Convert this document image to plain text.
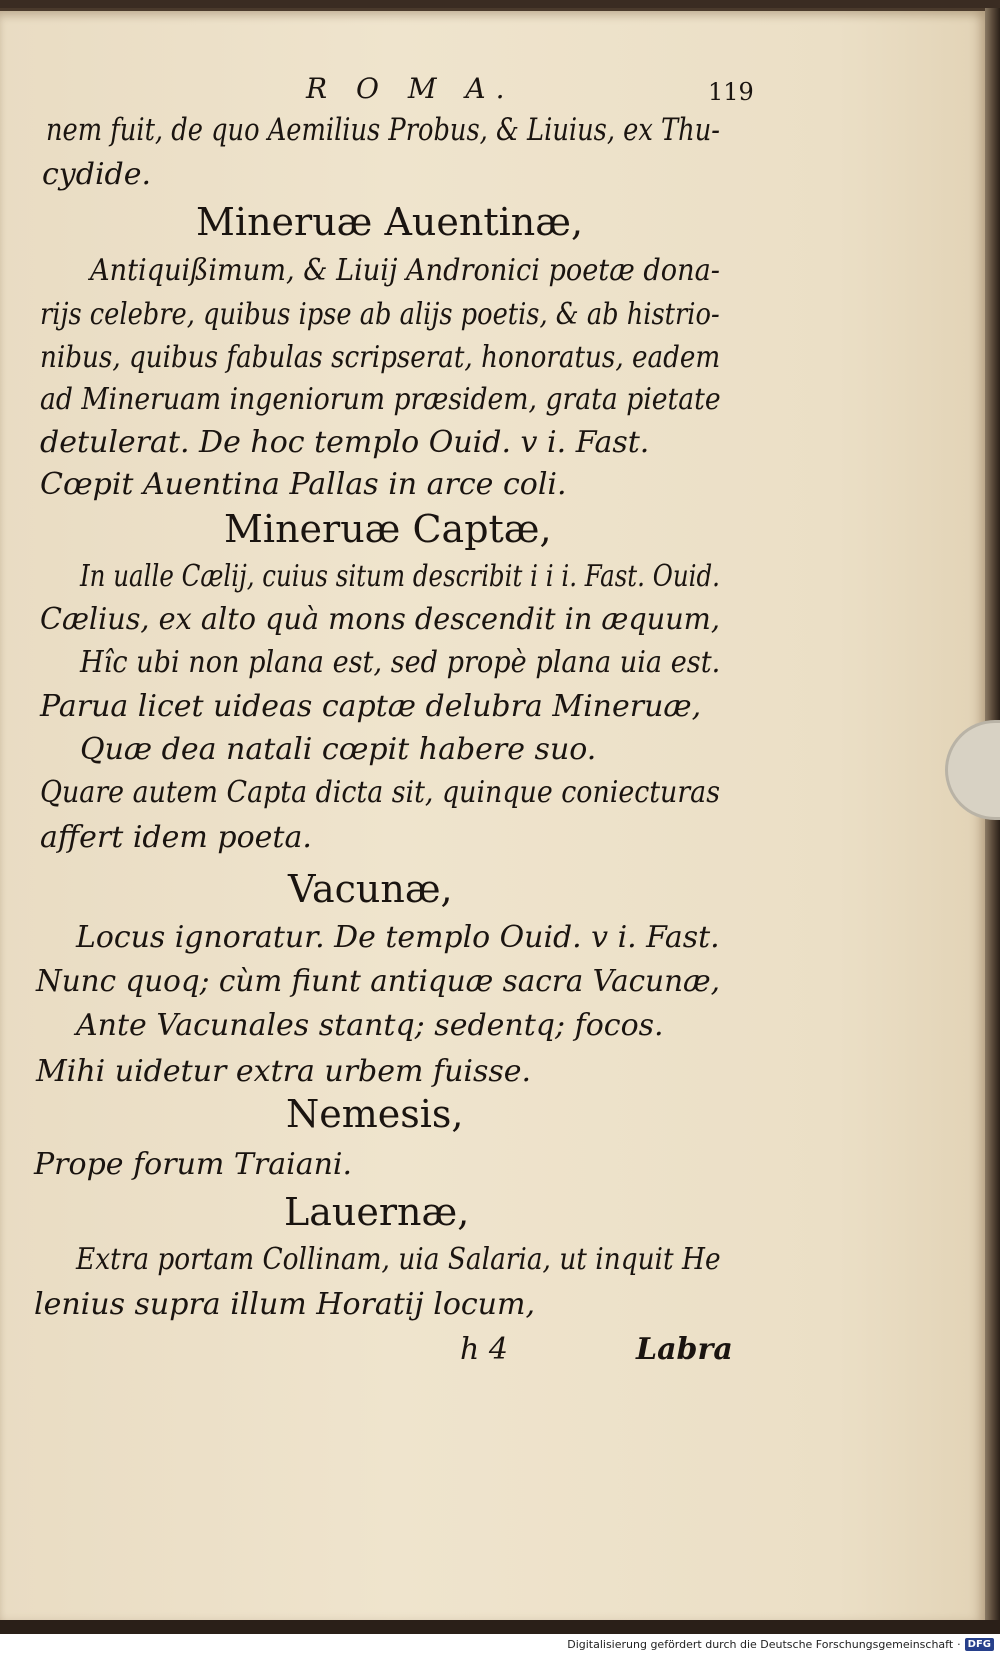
R O M A.	119
nem fuit, de quo Aemilius Probus, & Liuius, ex Thu-
cydide.
Mineruæ Auentinæ,
Antiquißimum, & Liuij Andronici poetæ dona-
rijs celebre, quibus ipse ab alijs poetis, & ab histrio-
nibus, quibus fabulas scripserat, honoratus, eadem
ad Mineruam ingeniorum præsidem, grata pietate
detulerat. De hoc templo Ouid. v i. Fast.
Cœpit Auentina Pallas in arce coli.
Mineruæ Captæ,
In ualle Cælij, cuius situm describit i i i. Fast. Ouid.
Cælius, ex alto quà mons descendit in æquum,
Hîc ubi non plana est, sed propè plana uia est.
Parua licet uideas captæ delubra Mineruæ,
Quæ dea natali cœpit habere suo.
Quare autem Capta dicta sit, quinque coniecturas
affert idem poeta.
Vacunæ,
Locus ignoratur. De templo Ouid. v i. Fast.
Nunc quoq; cùm fiunt antiquæ sacra Vacunæ,
Ante Vacunales stantq; sedentq; focos.
Mihi uidetur extra urbem fuisse.
Nemesis,
Prope forum Traiani.
Lauernæ,
Extra portam Collinam, uia Salaria, ut inquit He
lenius supra illum Horatij locum,
h 4	Labra
Digitalisierung gefördert durch die Deutsche Forschungsgemeinschaft · DFG
